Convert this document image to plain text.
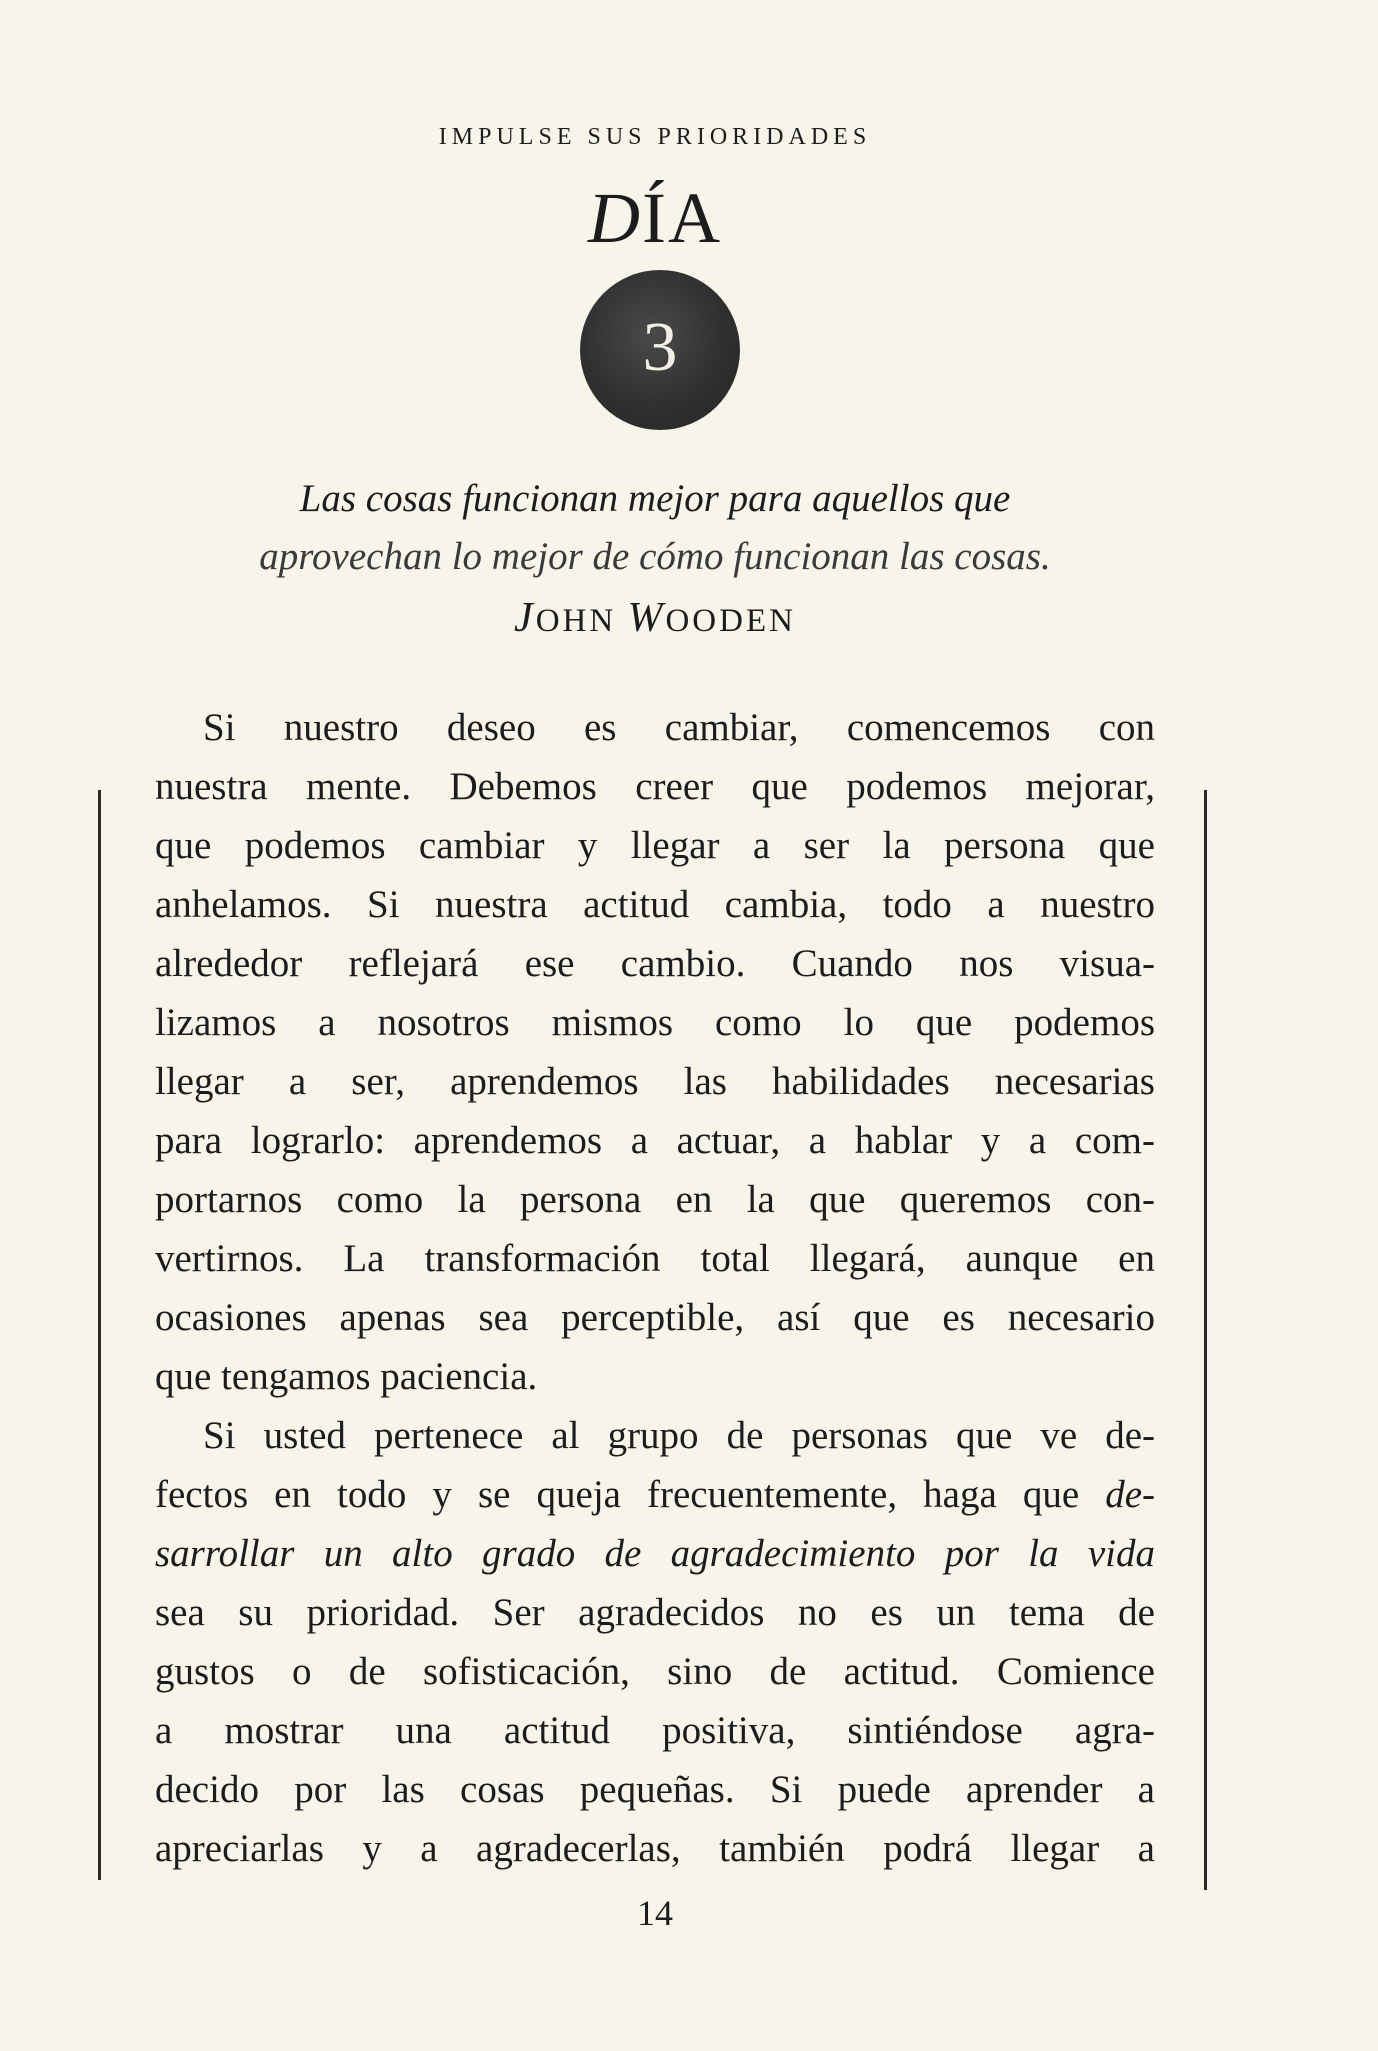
IMPULSE SUS PRIORIDADES
DÍA
3
Las cosas funcionan mejor para aquellos que
aprovechan lo mejor de cómo funcionan las cosas.
JOHN WOODEN

Si nuestro deseo es cambiar, comencemos con
nuestra mente. Debemos creer que podemos mejorar,
que podemos cambiar y llegar a ser la persona que
anhelamos. Si nuestra actitud cambia, todo a nuestro
alrededor reflejará ese cambio. Cuando nos visua-
lizamos a nosotros mismos como lo que podemos
llegar a ser, aprendemos las habilidades necesarias
para lograrlo: aprendemos a actuar, a hablar y a com-
portarnos como la persona en la que queremos con-
vertirnos. La transformación total llegará, aunque en
ocasiones apenas sea perceptible, así que es necesario
que tengamos paciencia.

Si usted pertenece al grupo de personas que ve de-
fectos en todo y se queja frecuentemente, haga que de-
sarrollar un alto grado de agradecimiento por la vida
sea su prioridad. Ser agradecidos no es un tema de
gustos o de sofisticación, sino de actitud. Comience
a mostrar una actitud positiva, sintiéndose agra-
decido por las cosas pequeñas. Si puede aprender a
apreciarlas y a agradecerlas, también podrá llegar a

14
